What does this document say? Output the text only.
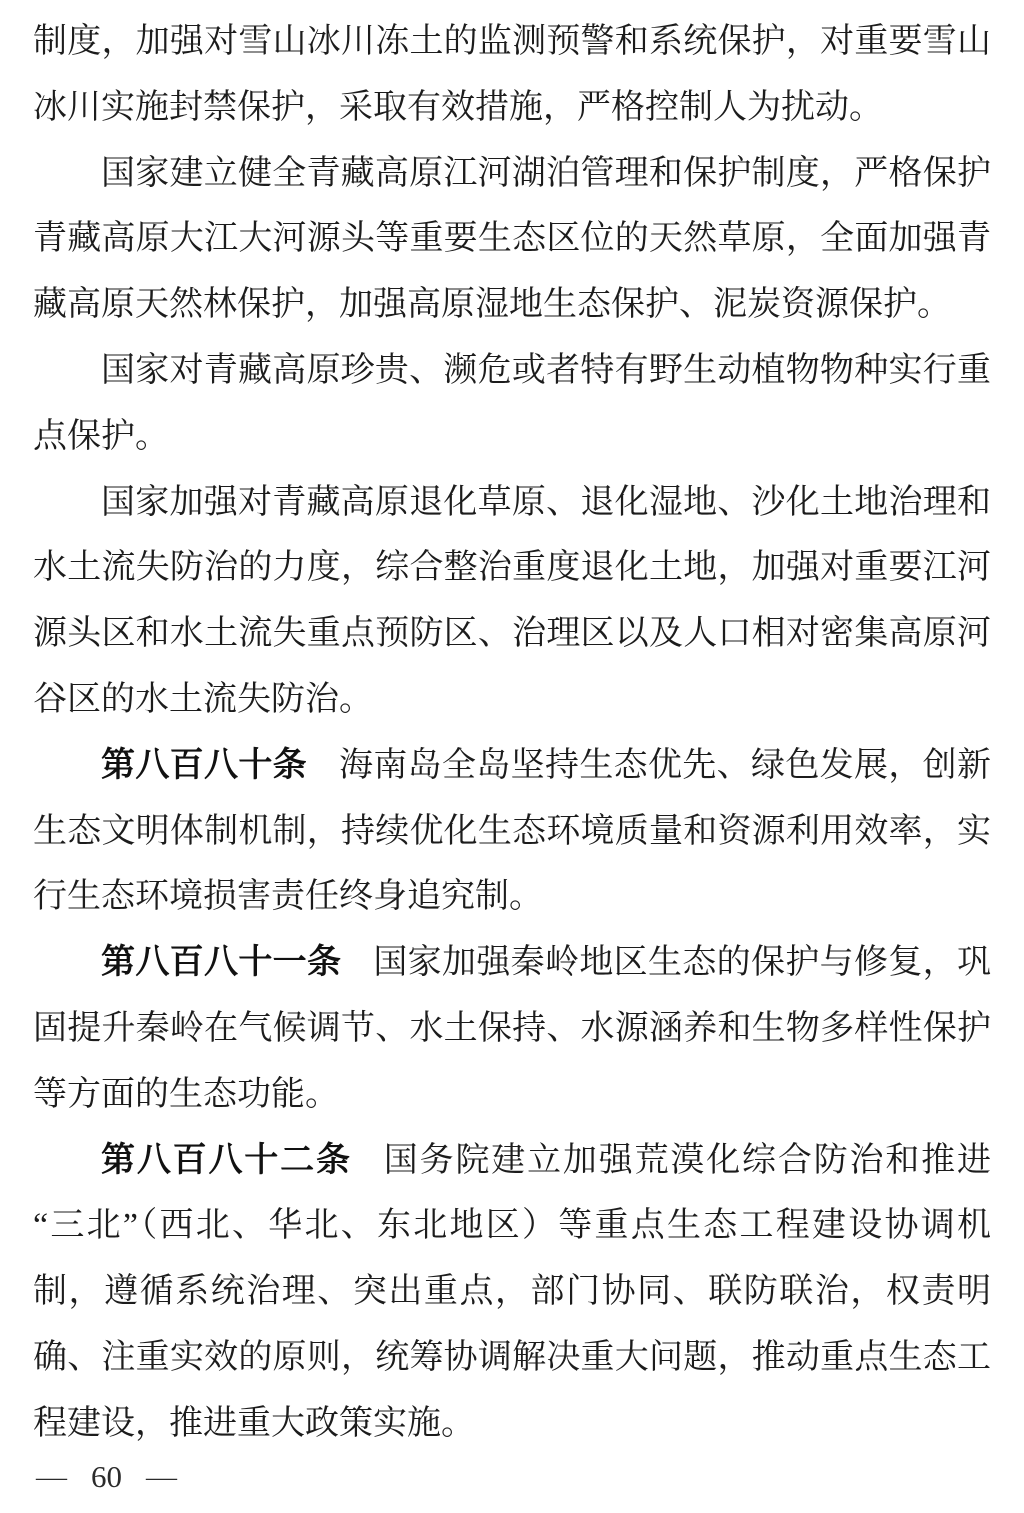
制度，加强对雪山冰川冻土的监测预警和系统保护，对重要雪山冰川实施封禁保护，采取有效措施，严格控制人为扰动。

国家建立健全青藏高原江河湖泊管理和保护制度，严格保护青藏高原大江大河源头等重要生态区位的天然草原，全面加强青藏高原天然林保护，加强高原湿地生态保护、泥炭资源保护。

国家对青藏高原珍贵、濒危或者特有野生动植物物种实行重点保护。

国家加强对青藏高原退化草原、退化湿地、沙化土地治理和水土流失防治的力度，综合整治重度退化土地，加强对重要江河源头区和水土流失重点预防区、治理区以及人口相对密集高原河谷区的水土流失防治。

第八百八十条 海南岛全岛坚持生态优先、绿色发展，创新生态文明体制机制，持续优化生态环境质量和资源利用效率，实行生态环境损害责任终身追究制。

第八百八十一条 国家加强秦岭地区生态的保护与修复，巩固提升秦岭在气候调节、水土保持、水源涵养和生物多样性保护等方面的生态功能。

第八百八十二条 国务院建立加强荒漠化综合防治和推进“三北”（西北、华北、东北地区）等重点生态工程建设协调机制，遵循系统治理、突出重点，部门协同、联防联治，权责明确、注重实效的原则，统筹协调解决重大问题，推动重点生态工程建设，推进重大政策实施。

— 60 —
